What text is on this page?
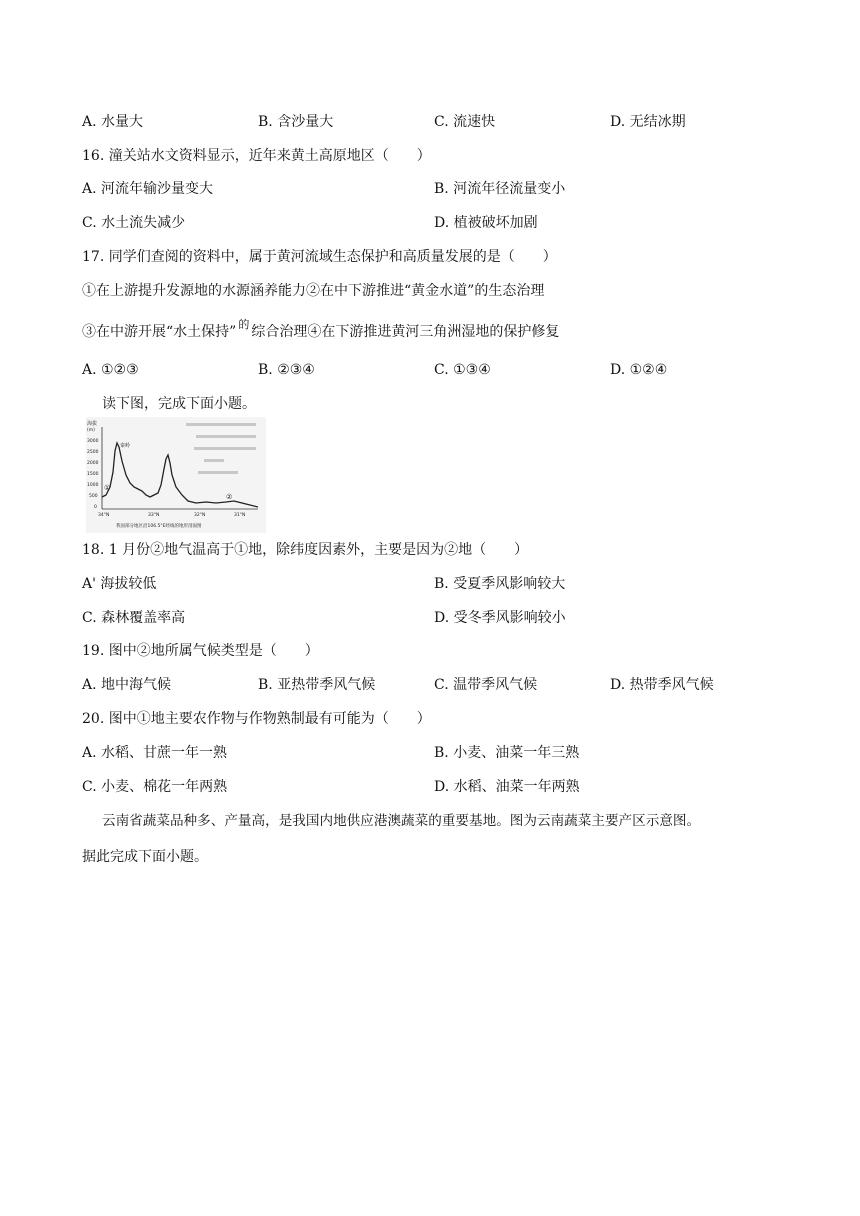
A. 水量大	B. 含沙量大	C. 流速快	D. 无结冰期
16. 潼关站水文资料显示，近年来黄土高原地区（　　）
A. 河流年输沙量变大	B. 河流年径流量变小
C. 水土流失减少	D. 植被破坏加剧
17. 同学们查阅的资料中，属于黄河流域生态保护和高质量发展的是（　　）
①在上游提升发源地的水源涵养能力②在中下游推进“黄金水道”的生态治理
③在中游开展“水土保持” $^的$ 综合治理④在下游推进黄河三角洲湿地的保护修复
A. ①②③	B. ②③④	C. ①③④	D. ①②④
读下图，完成下面小题。
海拔
(m)
3000
2500
2000
1500
1000
500
0
秦岭
①
②
34°N	33°N	32°N	31°N
我国部分地区沿106.5°E经线的地形剖面图
18. 1 月份②地气温高于①地，除纬度因素外，主要是因为②地（　　）
A' 海拔较低	B. 受夏季风影响较大
C. 森林覆盖率高	D. 受冬季风影响较小
19. 图中②地所属气候类型是（　　）
A. 地中海气候	B. 亚热带季风气候	C. 温带季风气候	D. 热带季风气候
20. 图中①地主要农作物与作物熟制最有可能为（　　）
A. 水稻、甘蔗一年一熟	B. 小麦、油菜一年三熟
C. 小麦、棉花一年两熟	D. 水稻、油菜一年两熟
云南省蔬菜品种多、产量高，是我国内地供应港澳蔬菜的重要基地。图为云南蔬菜主要产区示意图。
据此完成下面小题。
